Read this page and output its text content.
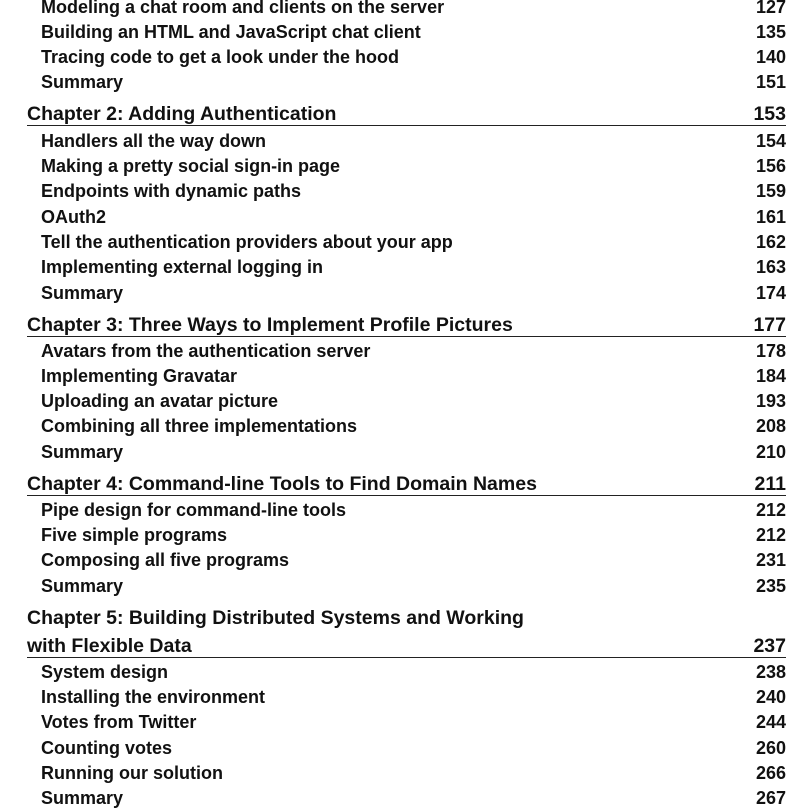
Modeling a chat room and clients on the server	127
Building an HTML and JavaScript chat client	135
Tracing code to get a look under the hood	140
Summary	151
Chapter 2: Adding Authentication	153
Handlers all the way down	154
Making a pretty social sign-in page	156
Endpoints with dynamic paths	159
OAuth2	161
Tell the authentication providers about your app	162
Implementing external logging in	163
Summary	174
Chapter 3: Three Ways to Implement Profile Pictures	177
Avatars from the authentication server	178
Implementing Gravatar	184
Uploading an avatar picture	193
Combining all three implementations	208
Summary	210
Chapter 4: Command-line Tools to Find Domain Names	211
Pipe design for command-line tools	212
Five simple programs	212
Composing all five programs	231
Summary	235
Chapter 5: Building Distributed Systems and Working
with Flexible Data	237
System design	238
Installing the environment	240
Votes from Twitter	244
Counting votes	260
Running our solution	266
Summary	267
